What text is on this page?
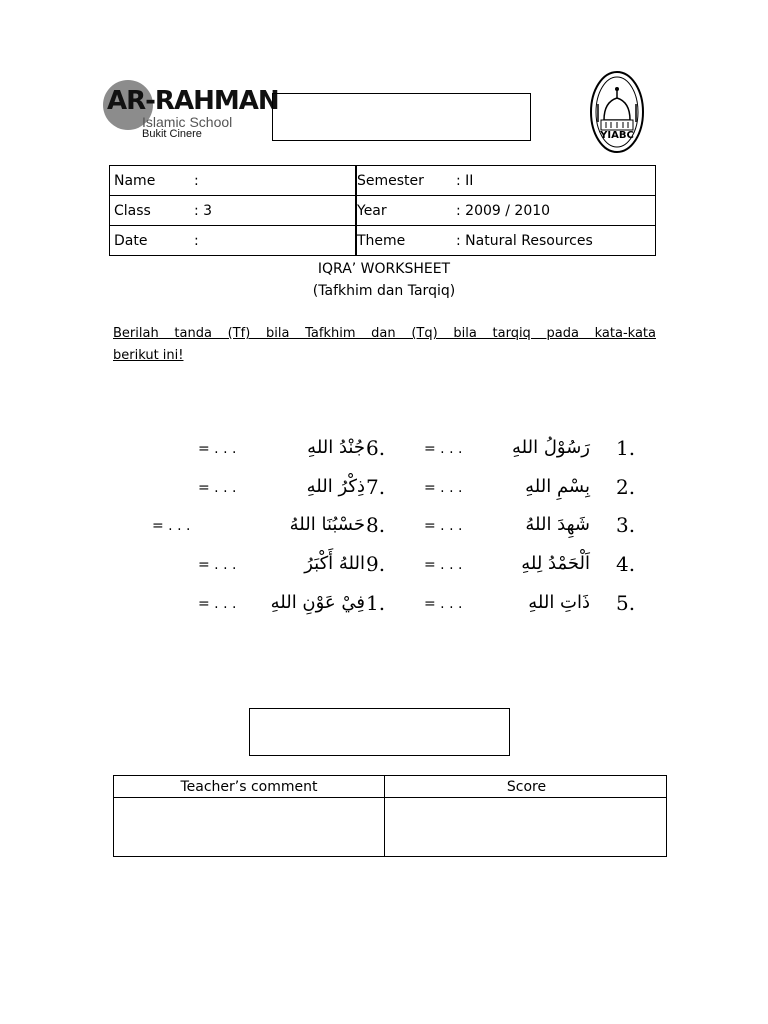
AR-RAHMAN
Islamic School
Bukit Cinere	YIABC
Name	:	Semester : II
Class	: 3	Year	: 2009 / 2010
Date	:	Theme	: Natural Resources
IQRA’ WORKSHEET
(Tafkhim dan Tarqiq)
Berilah tanda (Tf) bila Tafkhim dan (Tq) bila tarqiq pada kata-kata
berikut ini!
1.
رَسُوْلُ اللهِ
= . . .
2.
بِسْمِ اللهِ
= . . .
3.
شَهِدَ اللهُ
= . . .
4.
اَلْحَمْدُ لِلهِ
= . . .
5.
ذَاتِ اللهِ
= . . .
6.
جُنْدُ اللهِ
= . . .
7.
ذِكْرُ اللهِ
= . . .
8.
حَسْبُنَا اللهُ
= . . .
9.
اللهُ أَكْبَرُ
= . . .
1.
فِيْ عَوْنِ اللهِ
= . . .
Teacher’s comment	Score
